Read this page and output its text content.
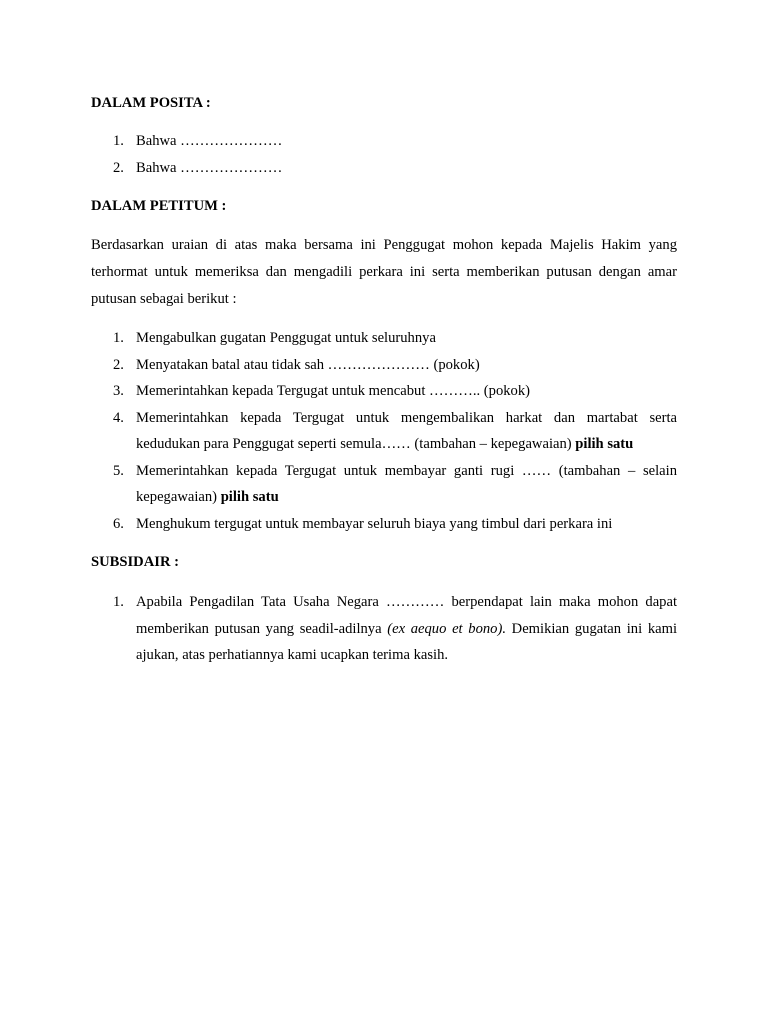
DALAM POSITA :

1. Bahwa …………………
2. Bahwa …………………

DALAM PETITUM :

Berdasarkan uraian di atas maka bersama ini Penggugat mohon kepada Majelis Hakim yang terhormat untuk memeriksa dan mengadili perkara ini serta memberikan putusan dengan amar putusan sebagai berikut :

1. Mengabulkan gugatan Penggugat untuk seluruhnya
2. Menyatakan batal atau tidak sah ………………… (pokok)
3. Memerintahkan kepada Tergugat untuk mencabut ……….. (pokok)
4. Memerintahkan kepada Tergugat untuk mengembalikan harkat dan martabat serta kedudukan para Penggugat seperti semula…… (tambahan – kepegawaian) pilih satu
5. Memerintahkan kepada Tergugat untuk membayar ganti rugi …… (tambahan – selain kepegawaian) pilih satu
6. Menghukum tergugat untuk membayar seluruh biaya yang timbul dari perkara ini

SUBSIDAIR :

1. Apabila Pengadilan Tata Usaha Negara ………… berpendapat lain maka mohon dapat memberikan putusan yang seadil-adilnya (ex aequo et bono). Demikian gugatan ini kami ajukan, atas perhatiannya kami ucapkan terima kasih.
